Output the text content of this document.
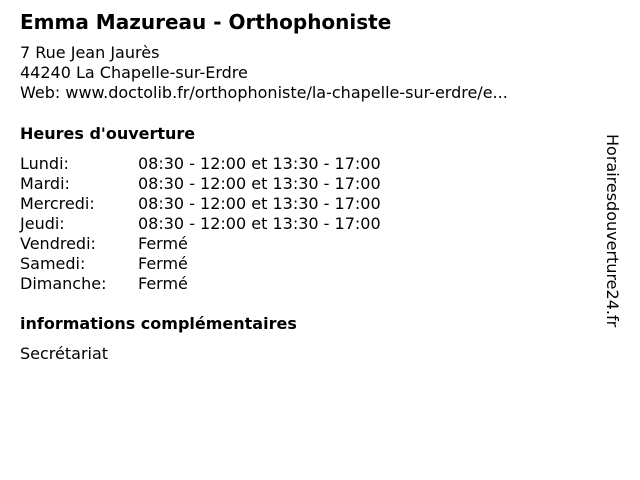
Emma Mazureau - Orthophoniste
7 Rue Jean Jaurès
44240 La Chapelle-sur-Erdre
Web: www.doctolib.fr/orthophoniste/la-chapelle-sur-erdre/e...
Heures d'ouverture
Lundi:	08:30 - 12:00 et 13:30 - 17:00
Mardi:	08:30 - 12:00 et 13:30 - 17:00
Mercredi:	08:30 - 12:00 et 13:30 - 17:00
Jeudi:	08:30 - 12:00 et 13:30 - 17:00
Vendredi:	Fermé
Samedi:	Fermé
Dimanche:	Fermé
informations complémentaires
Secrétariat
Horairesdouverture24.fr
